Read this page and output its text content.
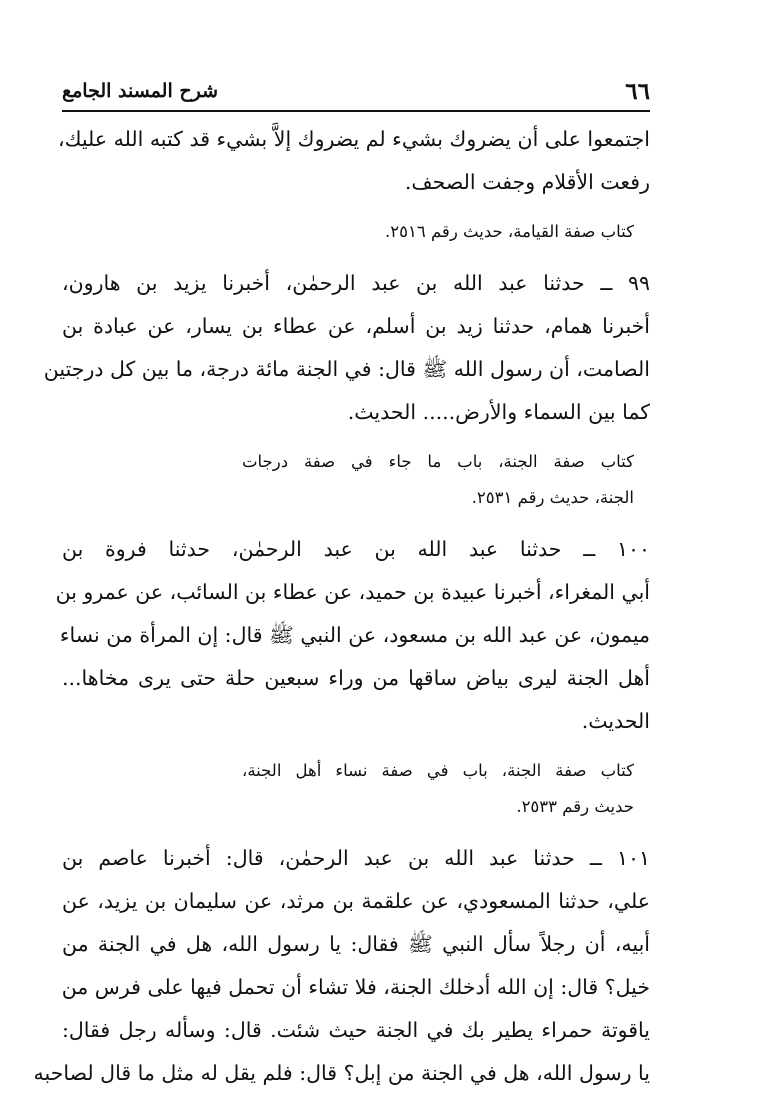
٦٦
شرح المسند الجامع

اجتمعوا على أن يضروك بشيء لم يضروك إلاَّ بشيء قد كتبه الله عليك،
رفعت الأقلام وجفت الصحف.

كتاب صفة القيامة، حديث رقم ٢٥١٦.

٩٩ ــ حدثنا عبد الله بن عبد الرحمٰن، أخبرنا يزيد بن هارون،
أخبرنا همام، حدثنا زيد بن أسلم، عن عطاء بن يسار، عن عبادة بن
الصامت، أن رسول الله ﷺ قال: في الجنة مائة درجة، ما بين كل درجتين
كما بين السماء والأرض..... الحديث.

كتاب صفة الجنة، باب ما جاء في صفة درجات
الجنة، حديث رقم ٢٥٣١.

١٠٠ ــ حدثنا عبد الله بن عبد الرحمٰن، حدثنا فروة بن
أبي المغراء، أخبرنا عبيدة بن حميد، عن عطاء بن السائب، عن عمرو بن
ميمون، عن عبد الله بن مسعود، عن النبي ﷺ قال: إن المرأة من نساء
أهل الجنة ليرى بياض ساقها من وراء سبعين حلة حتى يرى مخاها...
الحديث.

كتاب صفة الجنة، باب في صفة نساء أهل الجنة،
حديث رقم ٢٥٣٣.

١٠١ ــ حدثنا عبد الله بن عبد الرحمٰن، قال: أخبرنا عاصم بن
علي، حدثنا المسعودي، عن علقمة بن مرثد، عن سليمان بن يزيد، عن
أبيه، أن رجلاً سأل النبي ﷺ فقال: يا رسول الله، هل في الجنة من
خيل؟ قال: إن الله أدخلك الجنة، فلا تشاء أن تحمل فيها على فرس من
ياقوتة حمراء يطير بك في الجنة حيث شئت. قال: وسأله رجل فقال:
يا رسول الله، هل في الجنة من إبل؟ قال: فلم يقل له مثل ما قال لصاحبه
